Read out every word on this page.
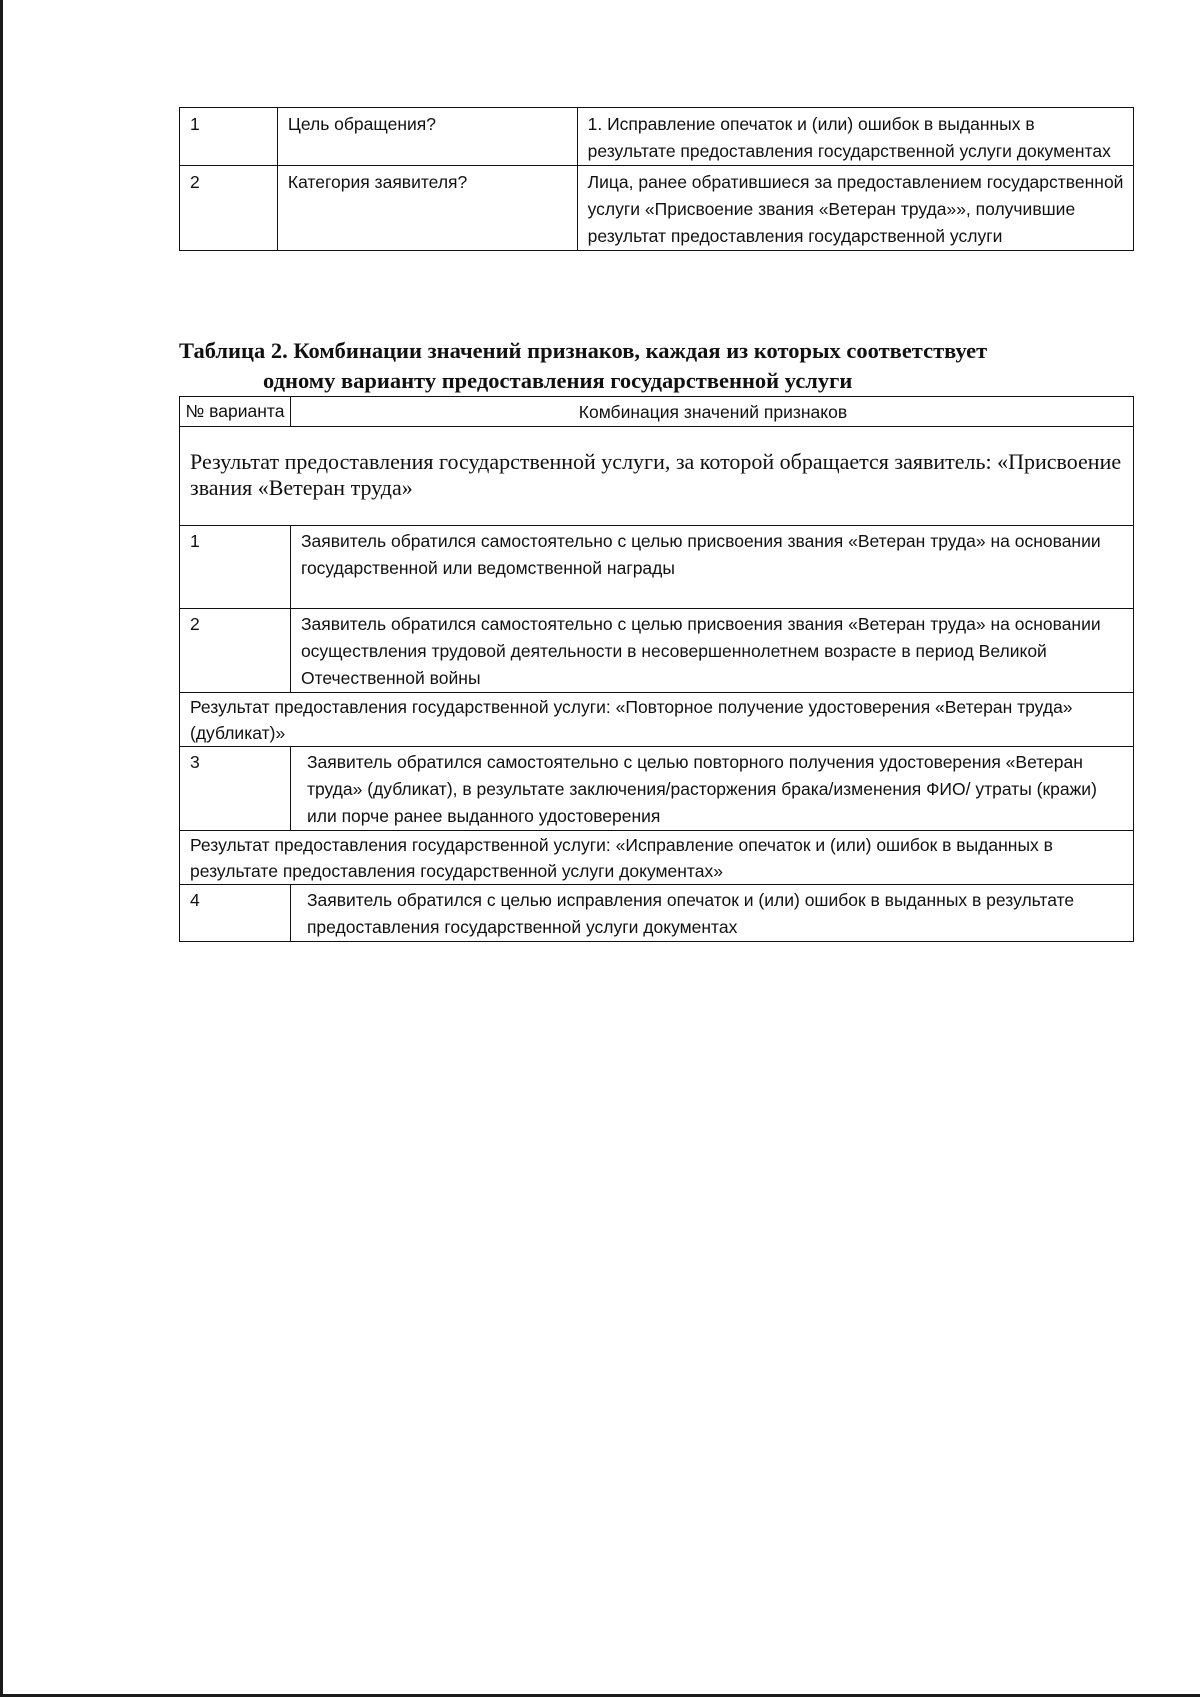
1	Цель обращения?	1. Исправление опечаток и (или) ошибок в выданных в результате предоставления государственной услуги документах
2	Категория заявителя?	Лица, ранее обратившиеся за предоставлением государственной услуги «Присвоение звания «Ветеран труда»», получившие результат предоставления государственной услуги
Таблица 2. Комбинации значений признаков, каждая из которых соответствует
одному варианту предоставления государственной услуги
№ варианта	Комбинация значений признаков
Результат предоставления государственной услуги, за которой обращается заявитель: «Присвоение звания «Ветеран труда»	
1	Заявитель обратился самостоятельно с целью присвоения звания «Ветеран труда» на основании государственной или ведомственной награды
2	Заявитель обратился самостоятельно с целью присвоения звания «Ветеран труда» на основании осуществления трудовой деятельности в несовершеннолетнем возрасте в период Великой Отечественной войны
Результат предоставления государственной услуги: «Повторное получение удостоверения «Ветеран труда» (дубликат)»	
3	Заявитель обратился самостоятельно с целью повторного получения удостоверения «Ветеран труда» (дубликат), в результате заключения/расторжения брака/изменения ФИО/ утраты (кражи) или порче ранее выданного удостоверения
Результат предоставления государственной услуги: «Исправление опечаток и (или) ошибок в выданных в результате предоставления государственной услуги документах»	
4	Заявитель обратился с целью исправления опечаток и (или) ошибок в выданных в результате предоставления государственной услуги документах
